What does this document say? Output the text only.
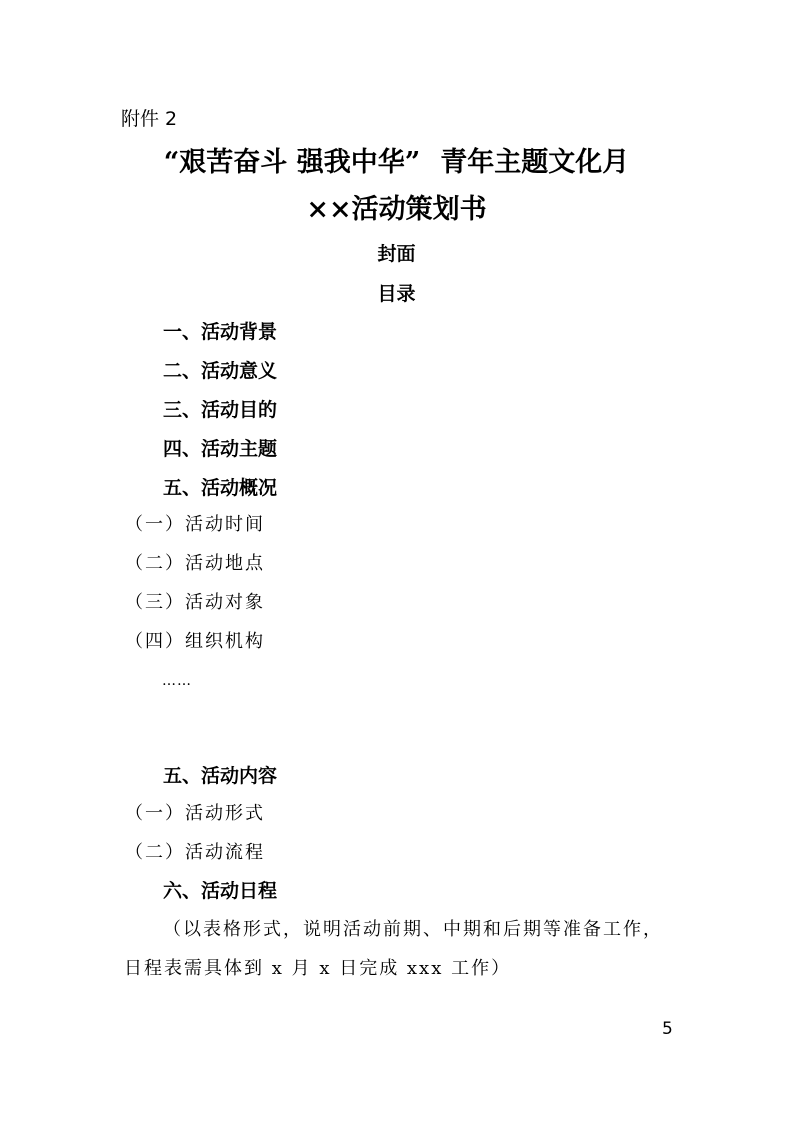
附件 2
“艰苦奋斗 强我中华” 青年主题文化月
××活动策划书
封面
目录
一、活动背景
二、活动意义
三、活动目的
四、活动主题
五、活动概况
（一）活动时间
（二）活动地点
（三）活动对象
（四）组织机构
……
五、活动内容
（一）活动形式
（二）活动流程
六、活动日程
（以表格形式，说明活动前期、中期和后期等准备工作，
日程表需具体到 x 月 x 日完成 xxx 工作）
5
